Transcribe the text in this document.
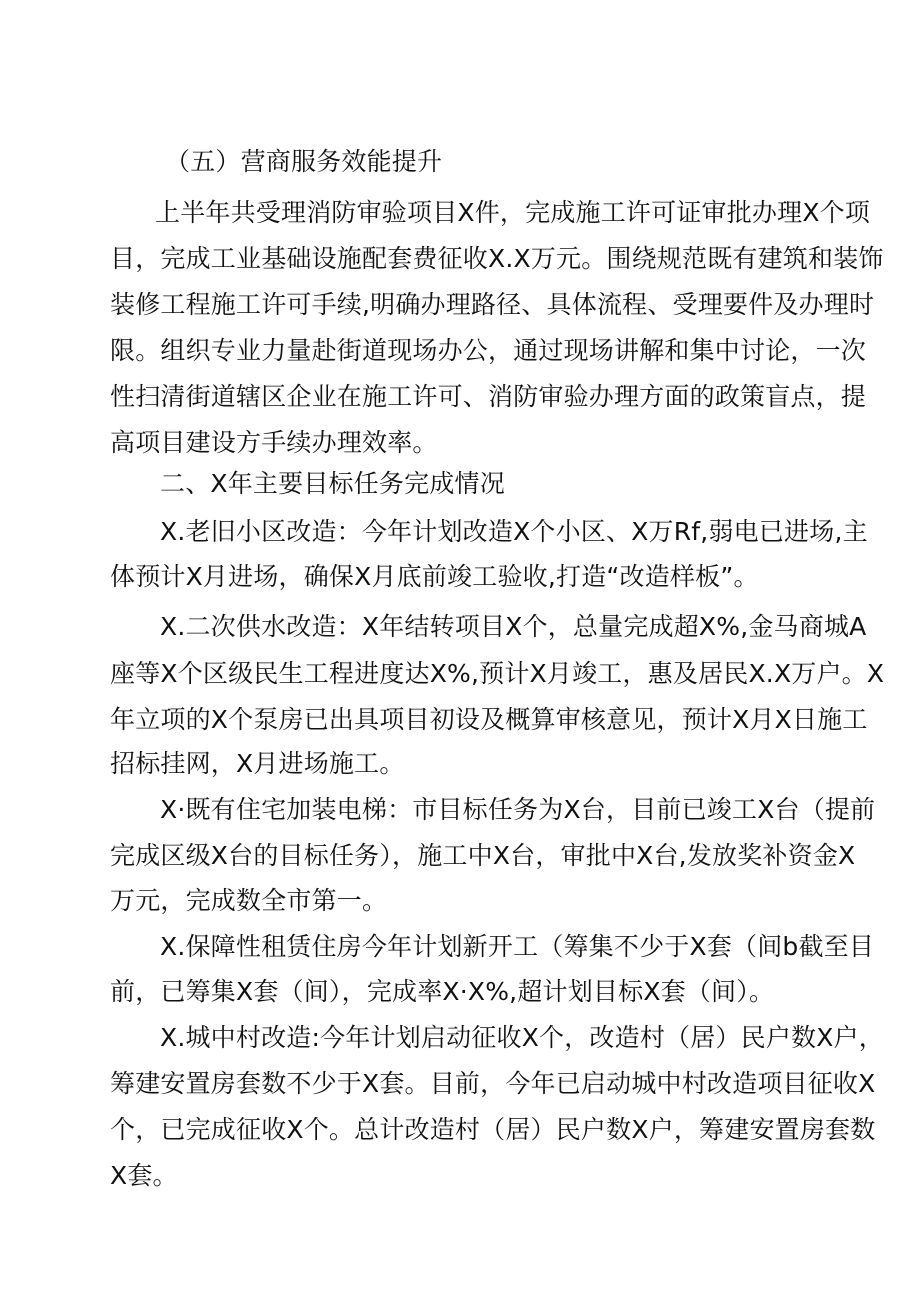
（五）营商服务效能提升

上半年共受理消防审验项目X件，完成施工许可证审批办理X个项

目，完成工业基础设施配套费征收X.X万元。围绕规范既有建筑和装饰

装修工程施工许可手续,明确办理路径、具体流程、受理要件及办理时

限。组织专业力量赴街道现场办公，通过现场讲解和集中讨论，一次

性扫清街道辖区企业在施工许可、消防审验办理方面的政策盲点，提

高项目建设方手续办理效率。

二、X年主要目标任务完成情况

X.老旧小区改造：今年计划改造X个小区、X万Rf,弱电已进场,主

体预计X月进场，确保X月底前竣工验收,打造“改造样板”。

X.二次供水改造：X年结转项目X个，总量完成超X%,金马商城A

座等X个区级民生工程进度达X%,预计X月竣工，惠及居民X.X万户。X

年立项的X个泵房已出具项目初设及概算审核意见，预计X月X日施工

招标挂网，X月进场施工。

X·既有住宅加装电梯：市目标任务为X台，目前已竣工X台（提前

完成区级X台的目标任务），施工中X台，审批中X台,发放奖补资金X

万元，完成数全市第一。

X.保障性租赁住房今年计划新开工（筹集不少于X套（间b截至目

前，已筹集X套（间），完成率X·X%,超计划目标X套（间）。

X.城中村改造:今年计划启动征收X个，改造村（居）民户数X户，

筹建安置房套数不少于X套。目前，今年已启动城中村改造项目征收X

个，已完成征收X个。总计改造村（居）民户数X户，筹建安置房套数

X套。
